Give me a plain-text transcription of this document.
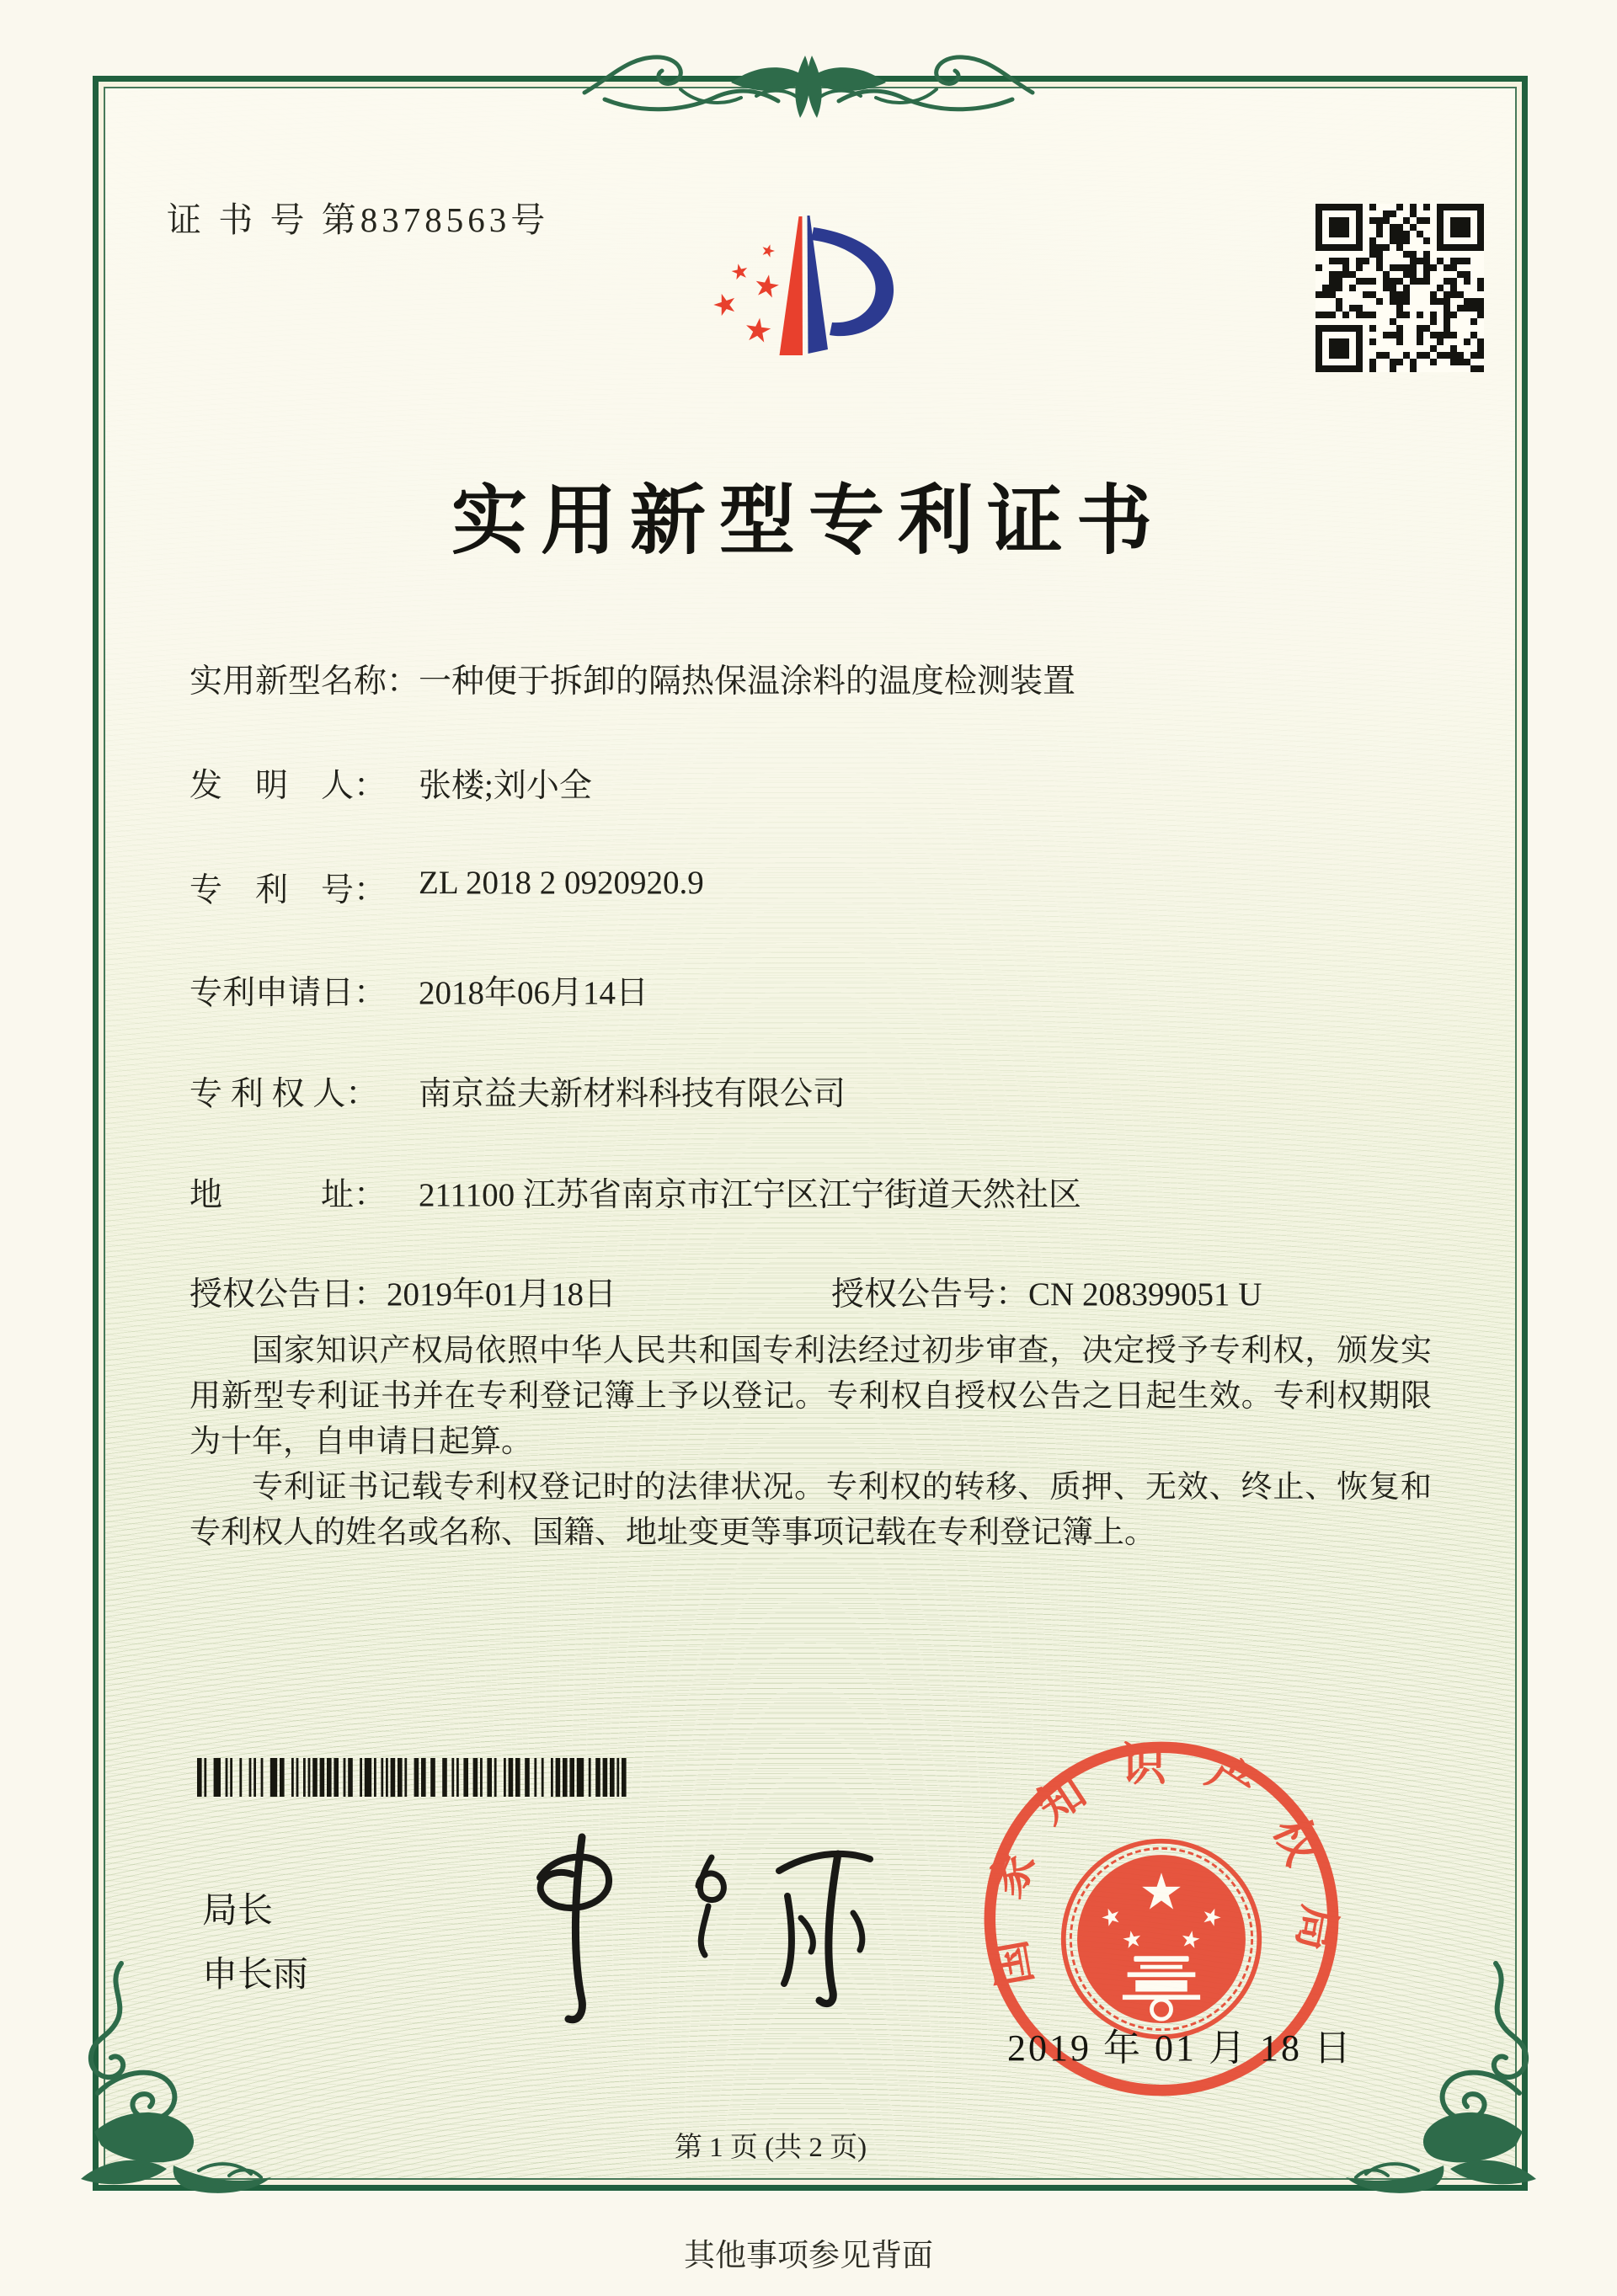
证 书 号 第8378563号
实用新型专利证书
实用新型名称：
一种便于拆卸的隔热保温涂料的温度检测装置
发　明　人： 张楼;刘小全
专　利　号： ZL 2018 2 0920920.9
专利申请日： 2018年06月14日
专 利 权 人：	南京益夫新材料科技有限公司
地　　　址： 211100 江苏省南京市江宁区江宁街道天然社区
授权公告日：2019年01月18日	授权公告号：CN 208399051 U

国家知识产权局依照中华人民共和国专利法经过初步审查，决定授予专利权，颁发实用新型专利证书并在专利登记簿上予以登记。专利权自授权公告之日起生效。专利权期限为十年，自申请日起算。

专利证书记载专利权登记时的法律状况。专利权的转移、质押、无效、终止、恢复和专利权人的姓名或名称、国籍、地址变更等事项记载在专利登记簿上。

局长
申长雨	国家知识产权局
2019 年 01 月 18 日
第 1 页 (共 2 页)
其他事项参见背面
